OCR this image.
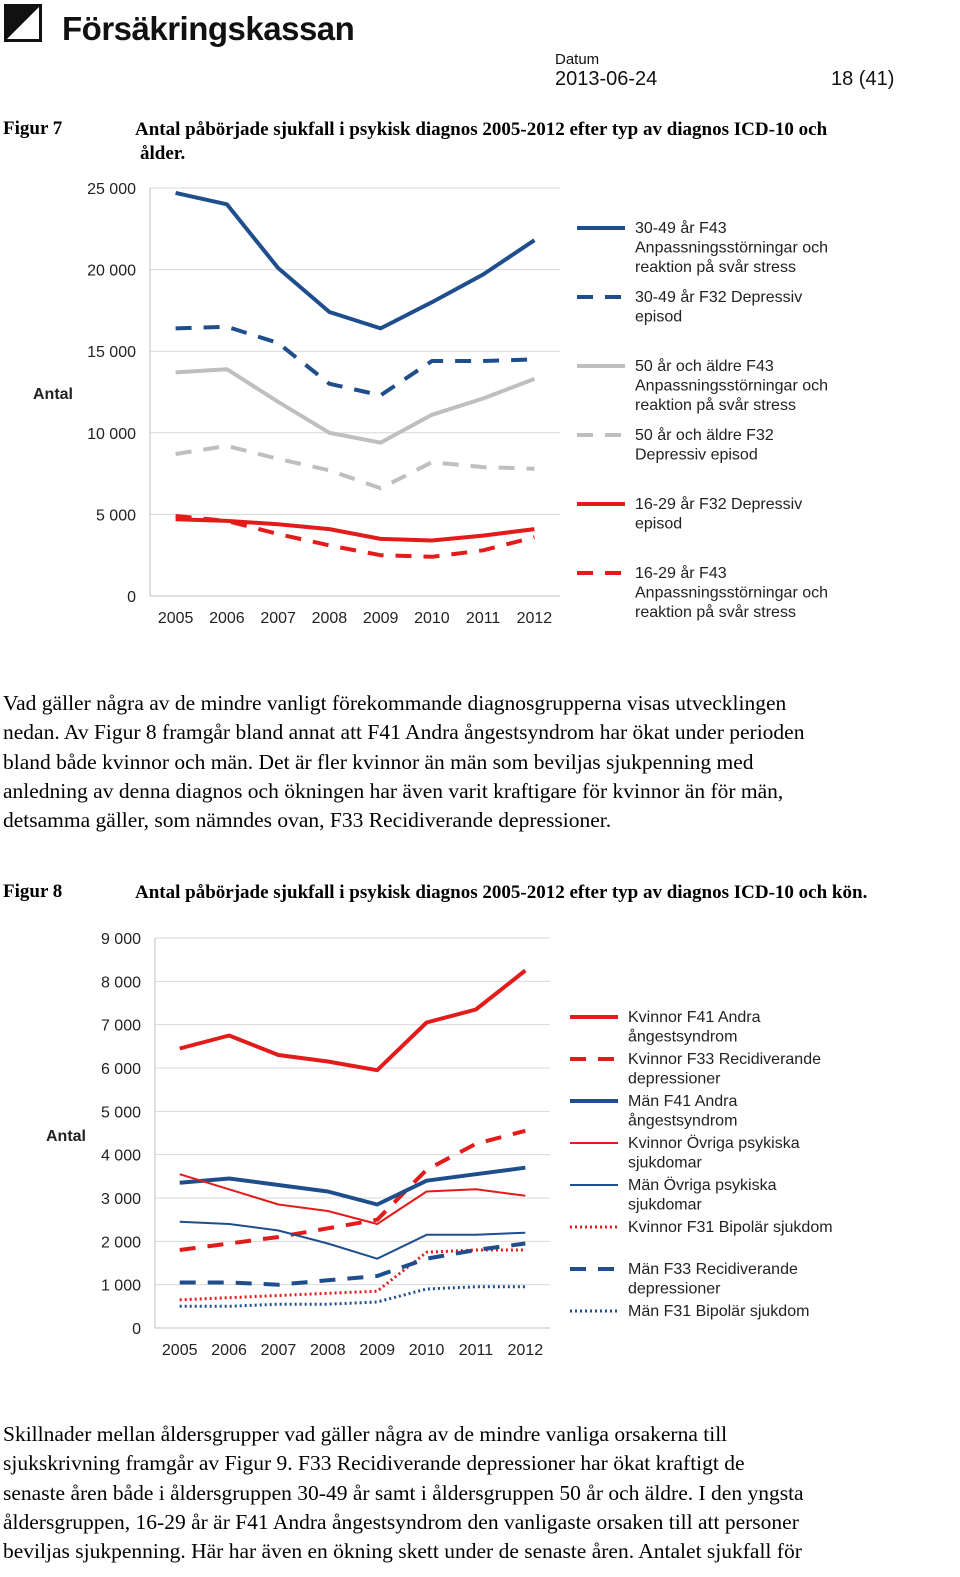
Försäkringskassan
Datum
2013-06-24	18 (41)
Figur 7	Antal påbörjade sjukfall i psykisk diagnos 2005-2012 efter typ av diagnos ICD-10 och
ålder.
0
5 000
10 000
15 000
20 000
25 000
2005 2006 2007 2008 2009 2010 2011 2012
Antal
30-49 år F43
Anpassningsstörningar och
reaktion på svår stress
30-49 år F32 Depressiv
episod
50 år och äldre F43
Anpassningsstörningar och
reaktion på svår stress
50 år och äldre F32
Depressiv episod
16-29 år F32 Depressiv
episod
16-29 år F43
Anpassningsstörningar och
reaktion på svår stress

Vad gäller några av de mindre vanligt förekommande diagnosgrupperna visas utvecklingen

nedan. Av Figur 8 framgår bland annat att F41 Andra ångestsyndrom har ökat under perioden

bland både kvinnor och män. Det är fler kvinnor än män som beviljas sjukpenning med

anledning av denna diagnos och ökningen har även varit kraftigare för kvinnor än för män,

detsamma gäller, som nämndes ovan, F33 Recidiverande depressioner.

Figur 8	Antal påbörjade sjukfall i psykisk diagnos 2005-2012 efter typ av diagnos ICD-10 och kön.
0
1 000
2 000
3 000
4 000
5 000
6 000
7 000
8 000
9 000
2005 2006 2007 2008 2009 2010 2011 2012
Antal
Kvinnor F41 Andra
ångestsyndrom
Kvinnor F33 Recidiverande
depressioner
Män F41 Andra
ångestsyndrom
Kvinnor Övriga psykiska
sjukdomar
Män Övriga psykiska
sjukdomar
Kvinnor F31 Bipolär sjukdom
Män F33 Recidiverande
depressioner
Män F31 Bipolär sjukdom

Skillnader mellan åldersgrupper vad gäller några av de mindre vanliga orsakerna till

sjukskrivning framgår av Figur 9. F33 Recidiverande depressioner har ökat kraftigt de

senaste åren både i åldersgruppen 30-49 år samt i åldersgruppen 50 år och äldre. I den yngsta

åldersgruppen, 16-29 år är F41 Andra ångestsyndrom den vanligaste orsaken till att personer

beviljas sjukpenning. Här har även en ökning skett under de senaste åren. Antalet sjukfall för
